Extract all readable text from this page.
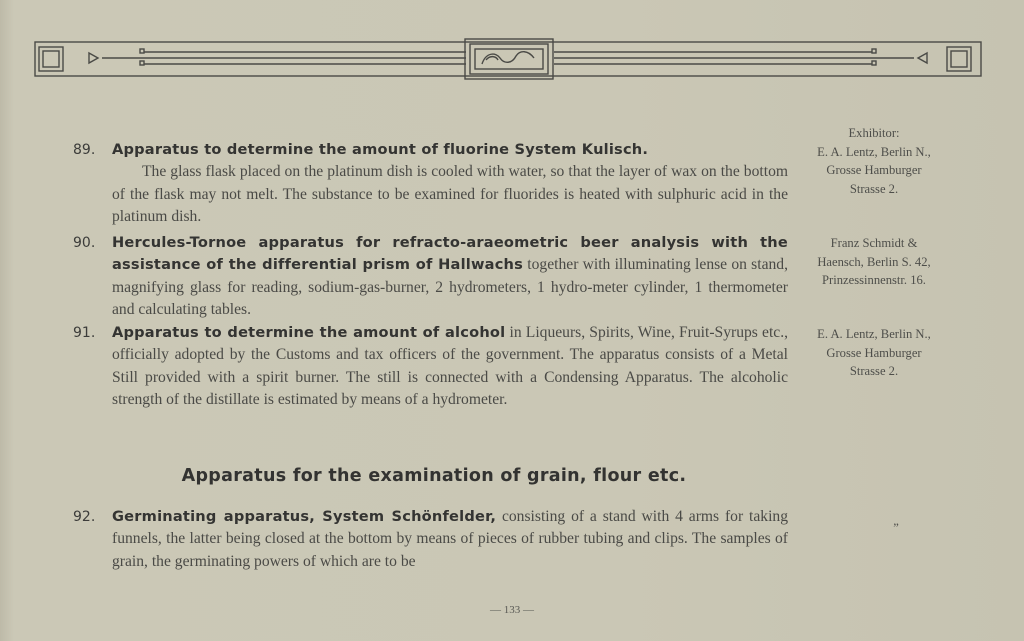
89. Apparatus to determine the amount of fluorine System Kulisch.
The glass flask placed on the platinum dish is cooled with water, so that the layer of wax on the bottom of the flask may not melt. The substance to be examined for fluorides is heated with sulphuric acid in the platinum dish.
90. Hercules-Tornoe apparatus for refracto-araeometric beer analysis with the assistance of the differential prism of Hallwachs together with illuminating lense on stand, magnifying glass for reading, sodium-gas-burner, 2 hydrometers, 1 hydro-meter cylinder, 1 thermometer and calculating tables.
91. Apparatus to determine the amount of alcohol in Liqueurs, Spirits, Wine, Fruit-Syrups etc., officially adopted by the Customs and tax officers of the government. The apparatus consists of a Metal Still provided with a spirit burner. The still is connected with a Condensing Apparatus. The alcoholic strength of the distillate is estimated by means of a hydrometer.
Apparatus for the examination of grain, flour etc.
92. Germinating apparatus, System Schönfelder, consisting of a stand with 4 arms for taking funnels, the latter being closed at the bottom by means of pieces of rubber tubing and clips. The samples of grain, the germinating powers of which are to be
Exhibitor:
E. A. Lentz, Berlin N.,
Grosse Hamburger
Strasse 2.
Franz Schmidt &
Haensch, Berlin S. 42,
Prinzessinnenstr. 16.
E. A. Lentz, Berlin N.,
Grosse Hamburger
Strasse 2.
„
— 133 —
